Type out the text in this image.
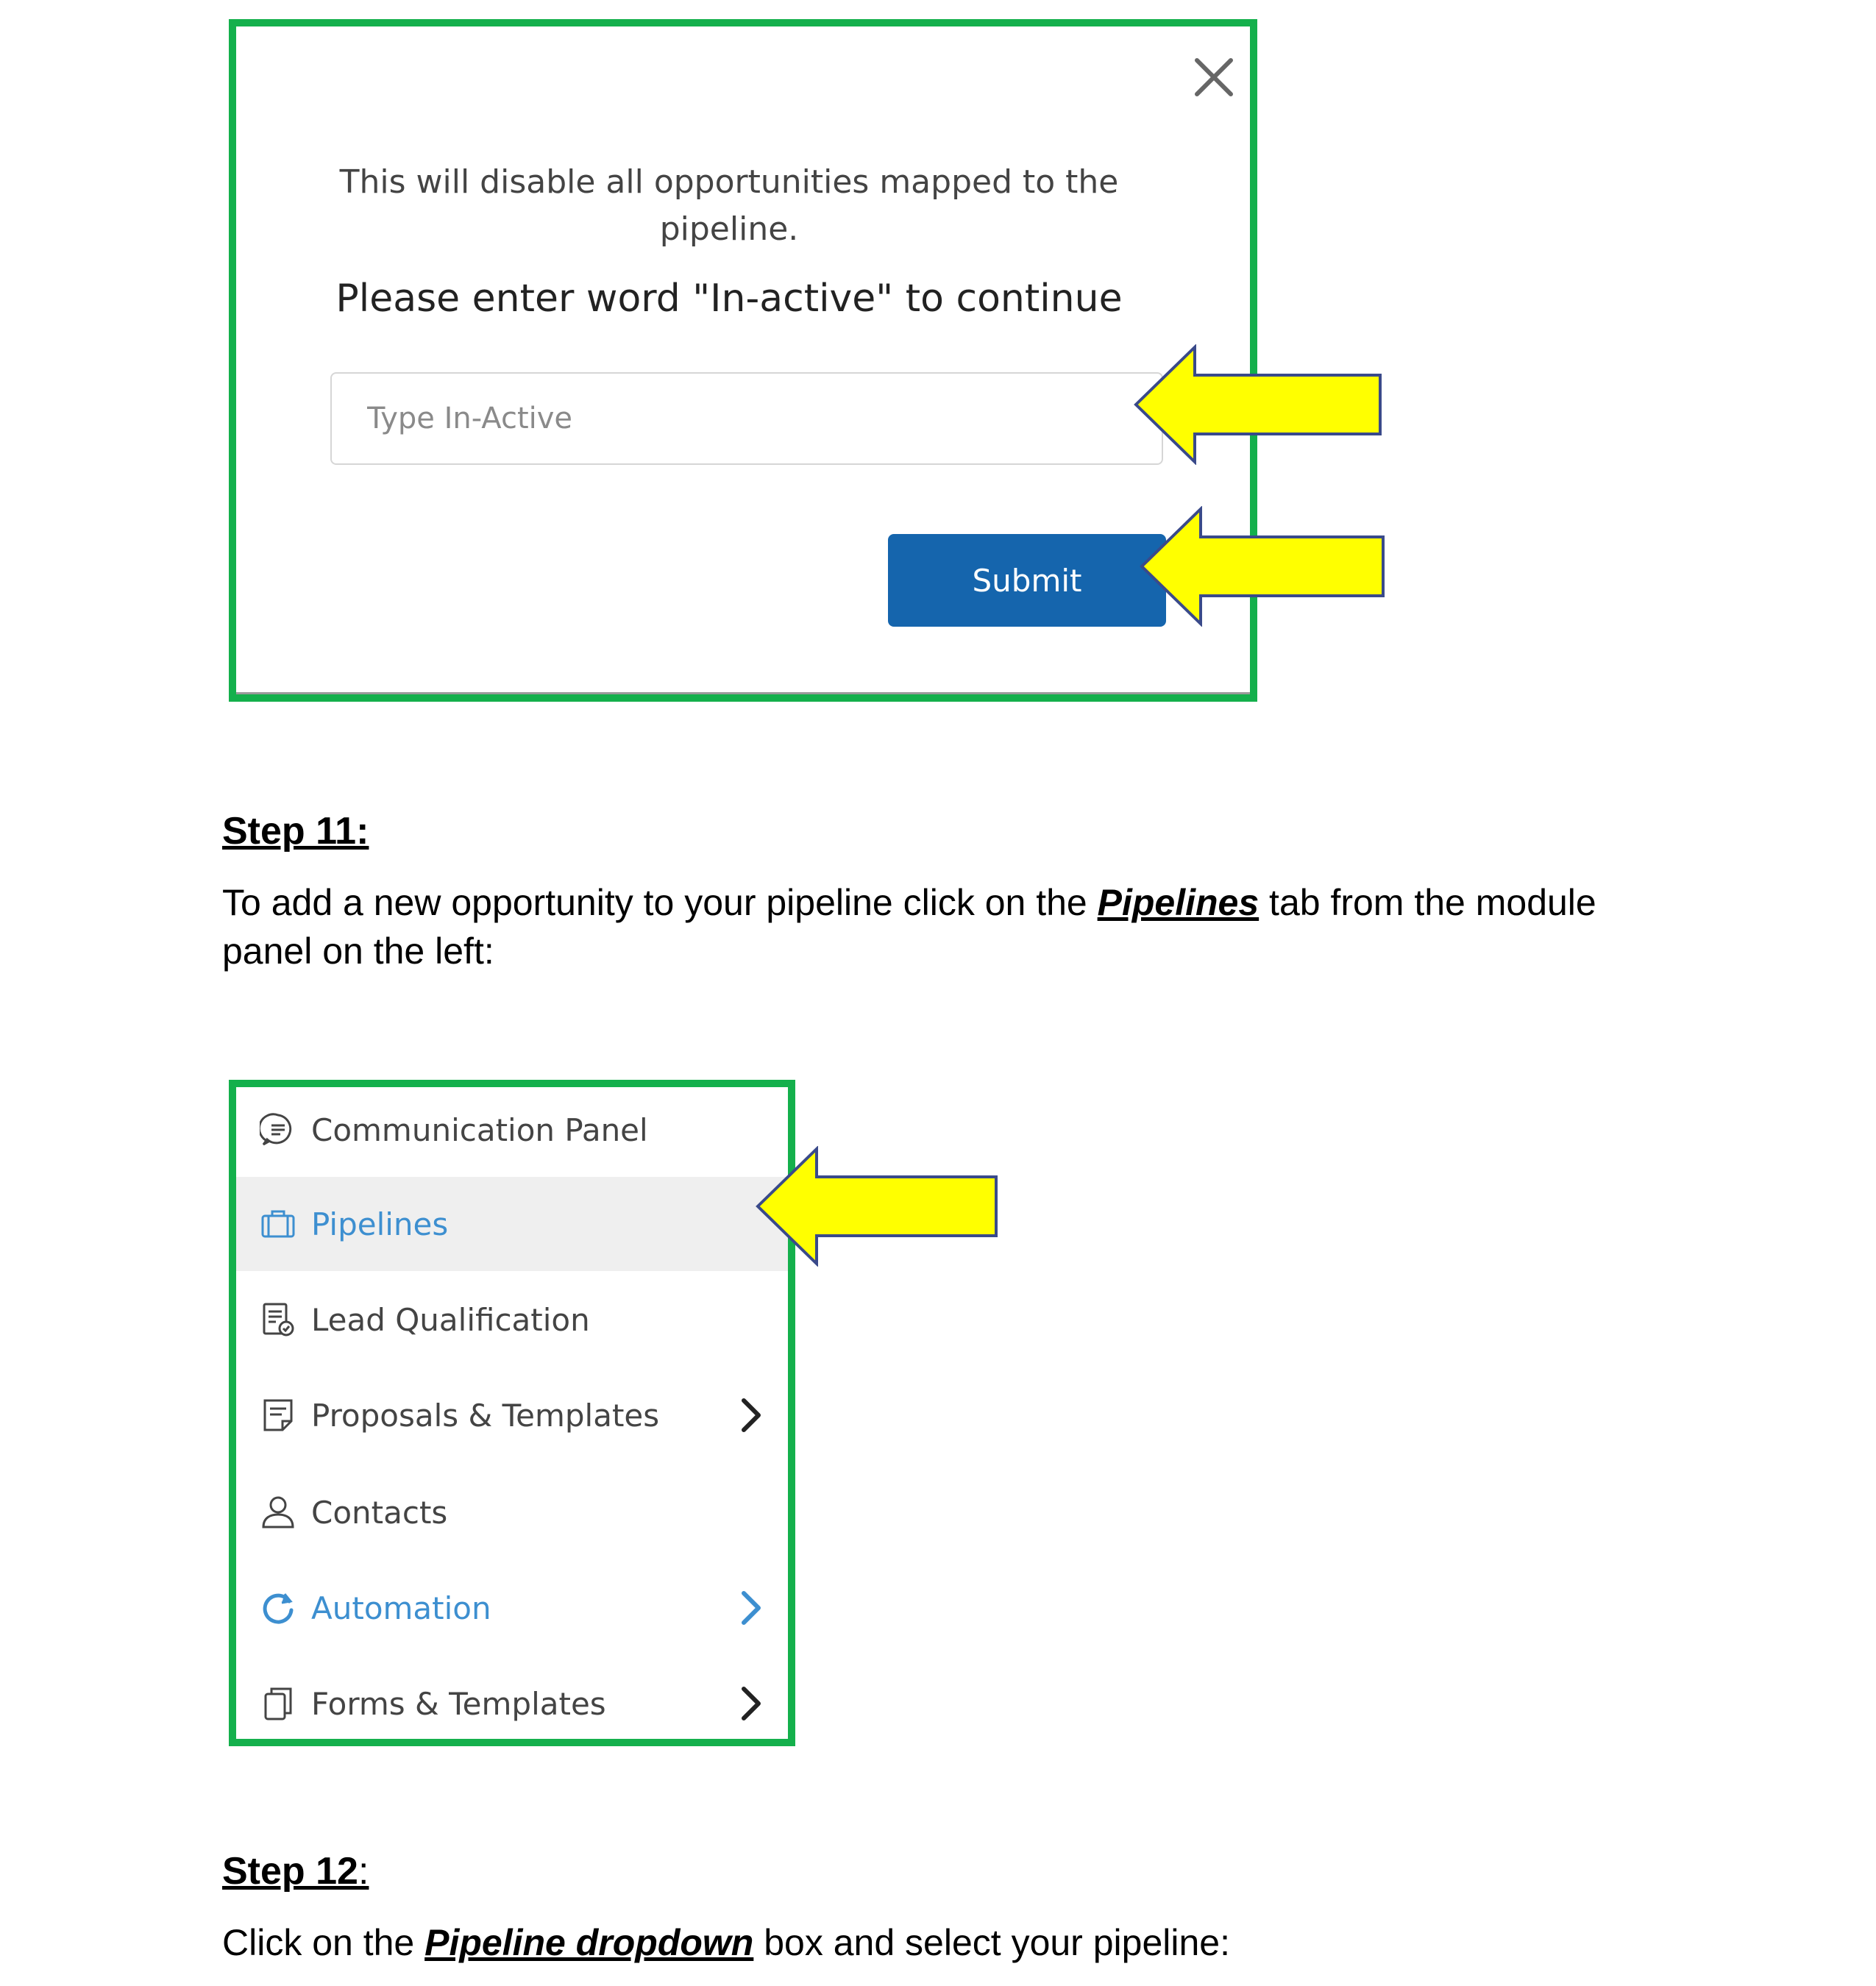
This will disable all opportunities mapped to the pipeline.
Please enter word "In-active" to continue
Type In-Active
Submit
Step 11:
To add a new opportunity to your pipeline click on the Pipelines tab from the module panel on the left:
Communication Panel
Pipelines
Lead Qualification
Proposals & Templates
Contacts
Automation
Forms & Templates
Step 12:
Click on the Pipeline dropdown box and select your pipeline:
